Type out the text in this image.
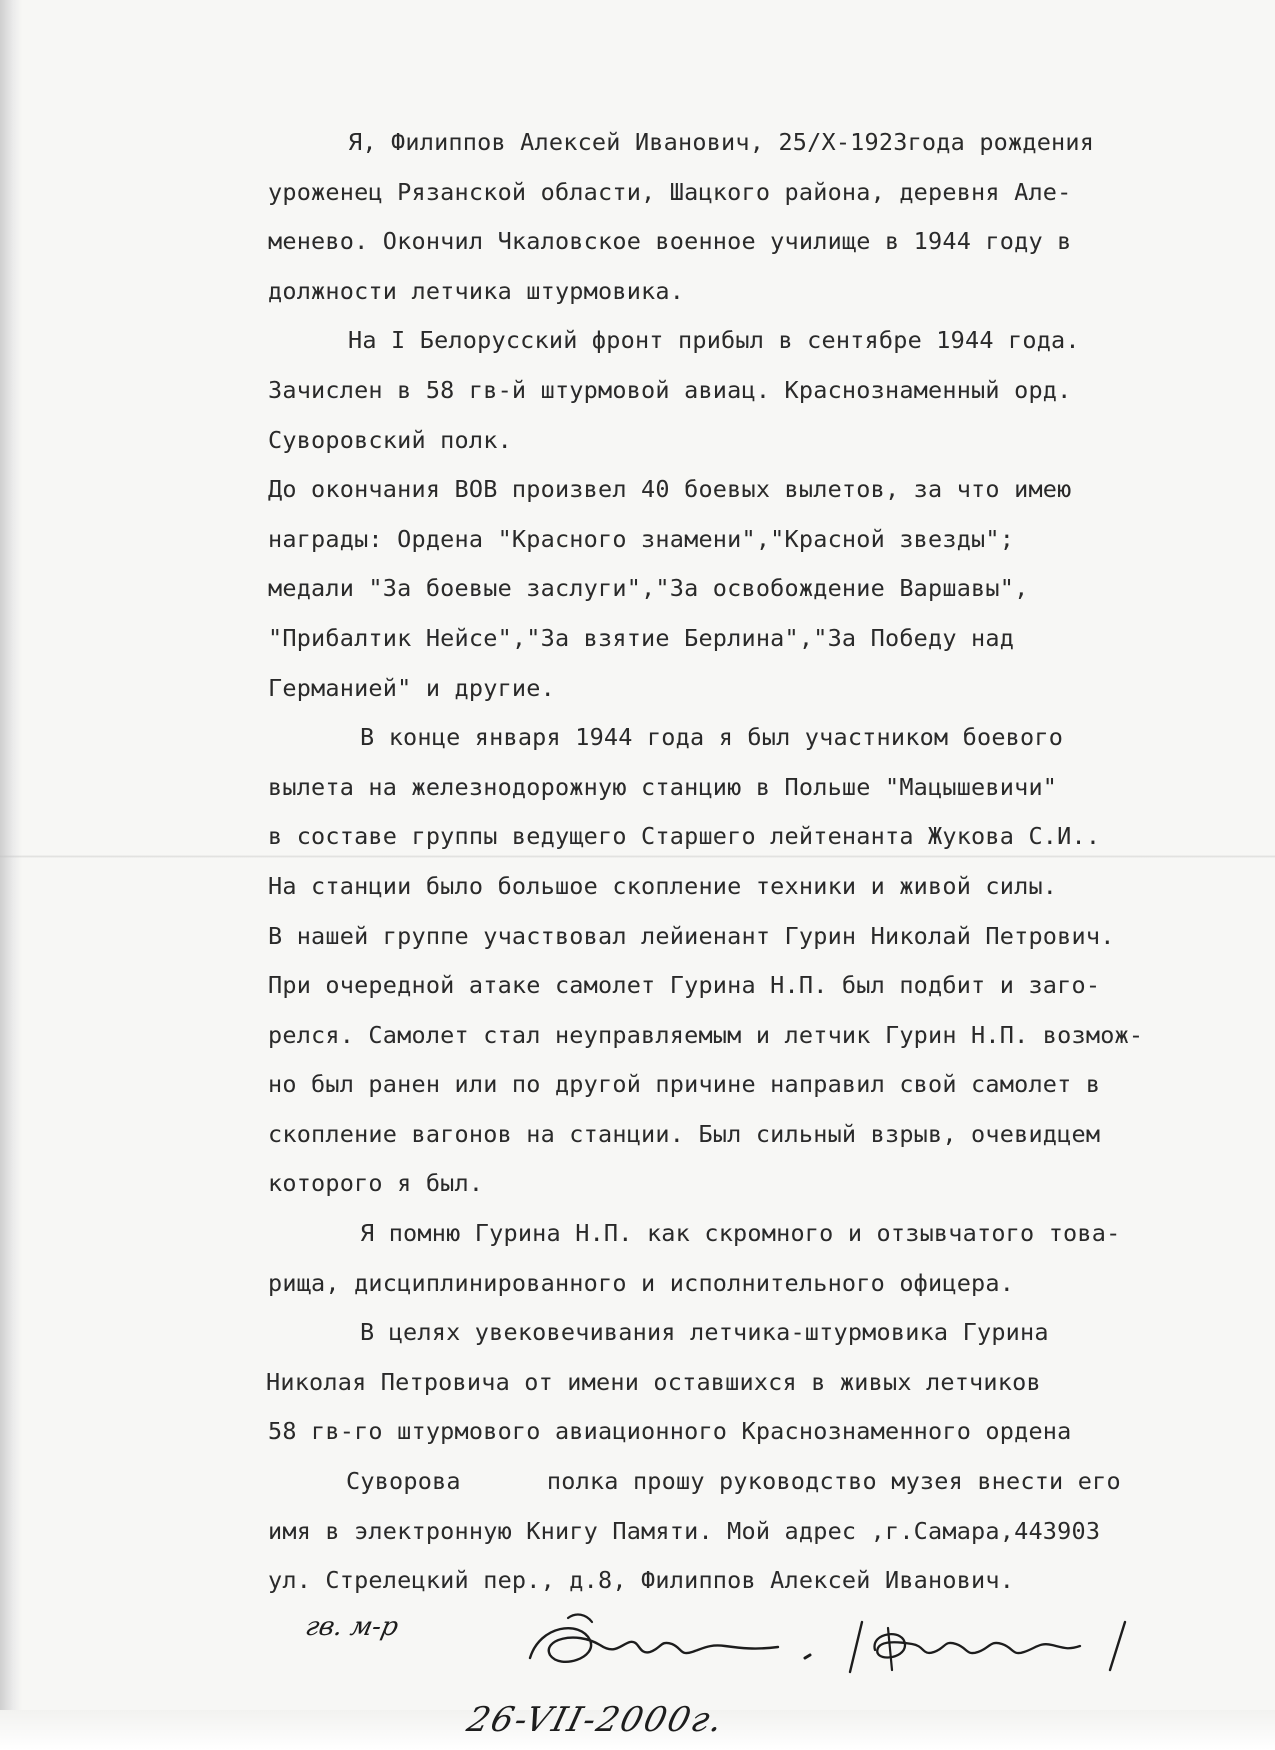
Я, Филиппов Алексей Иванович, 25/X-1923года рождения
уроженец Рязанской области, Шацкого района, деревня Але-
менево. Окончил Чкаловское военное училище в 1944 году в
должности летчика штурмовика.
На I Белорусский фронт прибыл в сентябре 1944 года.
Зачислен в 58 гв-й штурмовой авиац. Краснознаменный орд.
Суворовский полк.
До окончания ВОВ произвел 40 боевых вылетов, за что имею
награды: Ордена "Красного знамени","Красной звезды";
медали "За боевые заслуги","За освобождение Варшавы",
"Прибалтик Нейсе","За взятие Берлина","За Победу над
Германией" и другие.
В конце января 1944 года я был участником боевого
вылета на железнодорожную станцию в Польше "Мацышевичи"
в составе группы ведущего Старшего лейтенанта Жукова С.И..
На станции было большое скопление техники и живой силы.
В нашей группе участвовал лейиенант Гурин Николай Петрович.
При очередной атаке самолет Гурина Н.П. был подбит и заго-
релся. Самолет стал неуправляемым и летчик Гурин Н.П. возмож-
но был ранен или по другой причине направил свой самолет в
скопление вагонов на станции. Был сильный взрыв, очевидцем
которого я был.
Я помню Гурина Н.П. как скромного и отзывчатого това-
рища, дисциплинированного и исполнительного офицера.
В целях увековечивания летчика-штурмовика Гурина
Николая Петровича от имени оставшихся в живых летчиков
58 гв-го штурмового авиационного Краснознаменного ордена
Суворова      полка прошу руководство музея внести его
имя в электронную Книгу Памяти. Мой адрес ,г.Самара,443903
ул. Стрелецкий пер., д.8, Филиппов Алексей Иванович.
гв. м-р
26-VII-2000г.
